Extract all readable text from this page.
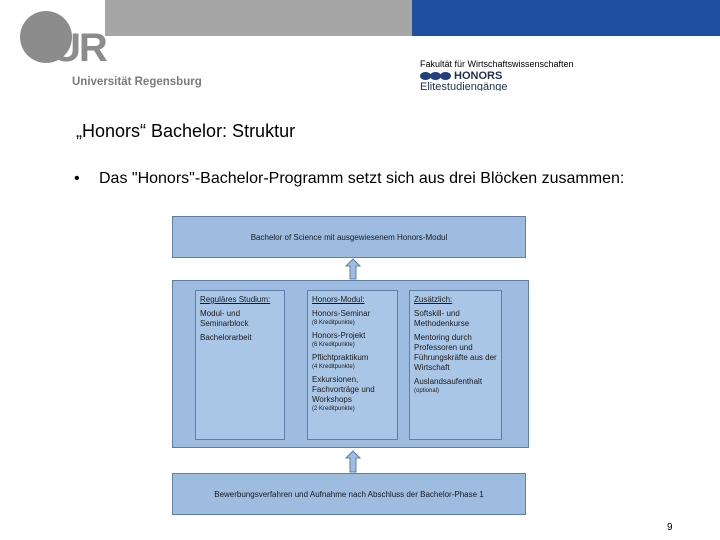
UR
Universität Regensburg
Fakultät für Wirtschaftswissenschaften
HONORS
Elitestudiengänge
„Honors“ Bachelor: Struktur
• Das "Honors"-Bachelor-Programm setzt sich aus drei Blöcken zusammen:
Bachelor of Science mit ausgewiesenem Honors-Modul
Reguläres Studium:
Modul- und Seminarblock
Bachelorarbeit
Honors-Modul:
Honors-Seminar
(8 Kreditpunkte)
Honors-Projekt
(6 Kreditpunkte)
Pflichtpraktikum
(4 Kreditpunkte)
Exkursionen, Fachvorträge und Workshops
(2 Kreditpunkte)
Zusätzlich:
Softskill- und Methodenkurse
Mentoring durch Professoren und Führungskräfte aus der Wirtschaft
Auslandsaufenthalt
(optional)
Bewerbungsverfahren und Aufnahme nach Abschluss der Bachelor-Phase 1
9
